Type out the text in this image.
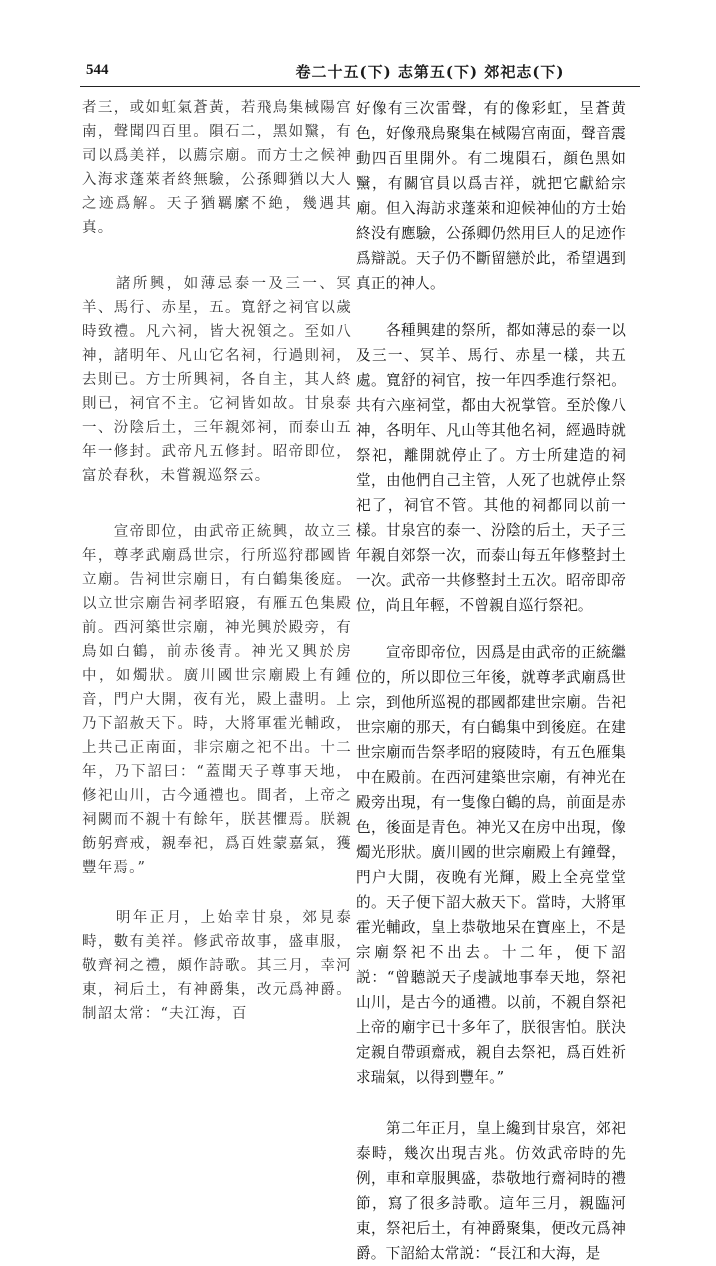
544	卷二十五(下) 志第五(下) 郊祀志(下)

者三，或如虹氣蒼黃，若飛鳥集棫陽宫南，聲聞四百里。隕石二，黑如黳，有司以爲美祥，以薦宗廟。而方士之候神入海求蓬萊者終無驗，公孫卿猶以大人之迹爲解。天子猶羈縻不絶，幾遇其真。

　　諸所興，如薄忌泰一及三一、冥羊、馬行、赤星，五。寬舒之祠官以歲時致禮。凡六祠，皆大祝領之。至如八神，諸明年、凡山它名祠，行過則祠，去則已。方士所興祠，各自主，其人終則已，祠官不主。它祠皆如故。甘泉泰一、汾陰后土，三年親郊祠，而泰山五年一修封。武帝凡五修封。昭帝即位，富於春秋，未嘗親巡祭云。

　　宣帝即位，由武帝正統興，故立三年，尊孝武廟爲世宗，行所巡狩郡國皆立廟。告祠世宗廟日，有白鶴集後庭。以立世宗廟告祠孝昭寢，有雁五色集殿前。西河築世宗廟，神光興於殿旁，有鳥如白鶴，前赤後青。神光又興於房中，如燭狀。廣川國世宗廟殿上有鍾音，門户大開，夜有光，殿上盡明。上乃下詔赦天下。時，大將軍霍光輔政，上共己正南面，非宗廟之祀不出。十二年，乃下詔曰：“蓋聞天子尊事天地，修祀山川，古今通禮也。間者，上帝之祠闕而不親十有餘年，朕甚懼焉。朕親飭躬齊戒，親奉祀，爲百姓蒙嘉氣，獲豐年焉。”

　　明年正月，上始幸甘泉，郊見泰畤，數有美祥。修武帝故事，盛車服，敬齊祠之禮，頗作詩歌。其三月，幸河東，祠后土，有神爵集，改元爲神爵。制詔太常：“夫江海，百

好像有三次雷聲，有的像彩虹，呈蒼黄色，好像飛鳥聚集在棫陽宫南面，聲音震動四百里開外。有二塊隕石，顔色黑如黳，有關官員以爲吉祥，就把它獻給宗廟。但入海訪求蓬萊和迎候神仙的方士始終没有應驗，公孫卿仍然用巨人的足迹作爲辯説。天子仍不斷留戀於此，希望遇到真正的神人。

　　各種興建的祭所，都如薄忌的泰一以及三一、冥羊、馬行、赤星一樣，共五處。寬舒的祠官，按一年四季進行祭祀。共有六座祠堂，都由大祝掌管。至於像八神，各明年、凡山等其他名祠，經過時就祭祀，離開就停止了。方士所建造的祠堂，由他們自己主管，人死了也就停止祭祀了，祠官不管。其他的祠都同以前一樣。甘泉宫的泰一、汾陰的后土，天子三年親自郊祭一次，而泰山每五年修整封土一次。武帝一共修整封土五次。昭帝即帝位，尚且年輕，不曾親自巡行祭祀。

　　宣帝即帝位，因爲是由武帝的正統繼位的，所以即位三年後，就尊孝武廟爲世宗，到他所巡視的郡國都建世宗廟。告祀世宗廟的那天，有白鶴集中到後庭。在建世宗廟而告祭孝昭的寢陵時，有五色雁集中在殿前。在西河建築世宗廟，有神光在殿旁出現，有一隻像白鶴的鳥，前面是赤色，後面是青色。神光又在房中出現，像燭光形狀。廣川國的世宗廟殿上有鐘聲，門户大開，夜晚有光輝，殿上全亮堂堂的。天子便下詔大赦天下。當時，大將軍霍光輔政，皇上恭敬地呆在寶座上，不是宗廟祭祀不出去。十二年，便下詔説：“曾聽説天子虔誠地事奉天地，祭祀山川，是古今的通禮。以前，不親自祭祀上帝的廟宇已十多年了，朕很害怕。朕決定親自帶頭齋戒，親自去祭祀，爲百姓祈求瑞氣，以得到豐年。”

　　第二年正月，皇上纔到甘泉宫，郊祀泰畤，幾次出現吉兆。仿效武帝時的先例，車和章服興盛，恭敬地行齋祠時的禮節，寫了很多詩歌。這年三月，親臨河東，祭祀后土，有神爵聚集，便改元爲神爵。下詔給太常説：“長江和大海，是
